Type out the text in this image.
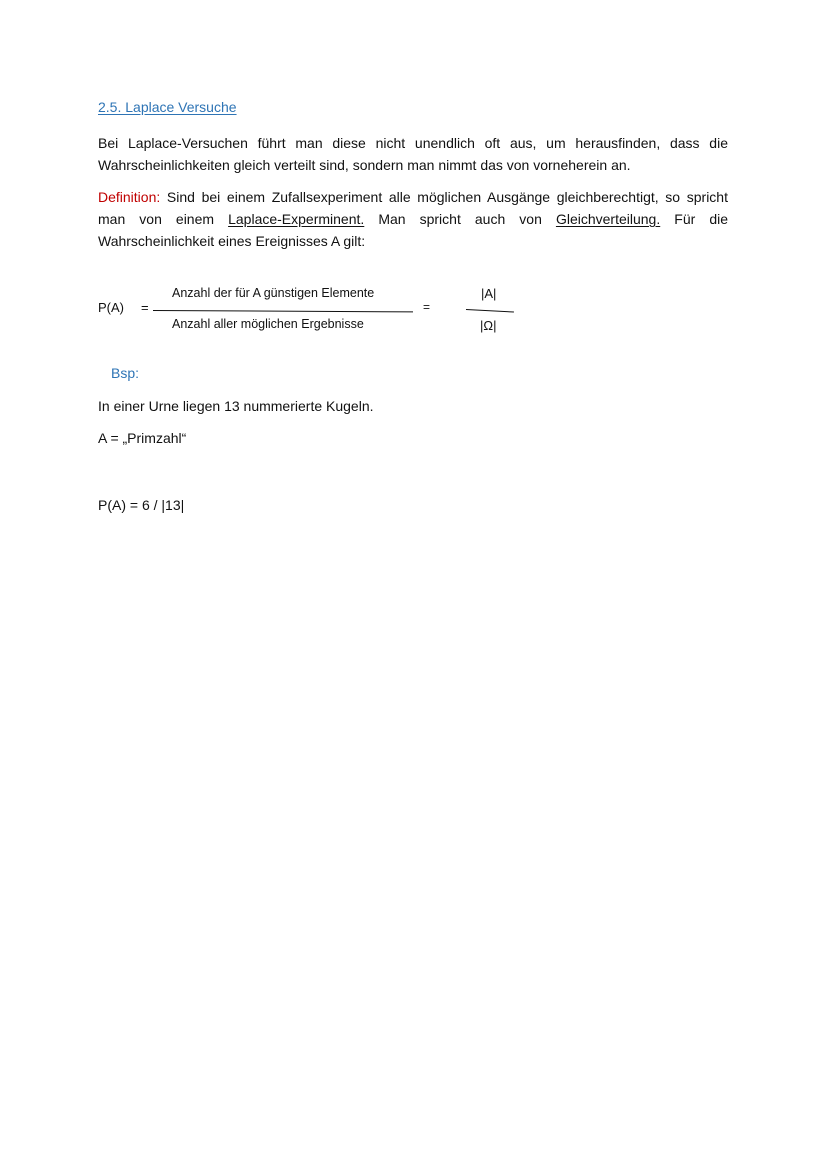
2.5. Laplace Versuche
Bei Laplace-Versuchen führt man diese nicht unendlich oft aus, um herausfinden, dass die Wahrscheinlichkeiten gleich verteilt sind, sondern man nimmt das von vorneherein an.
Definition: Sind bei einem Zufallsexperiment alle möglichen Ausgänge gleichberechtigt, so spricht man von einem Laplace-Experminent. Man spricht auch von Gleichverteilung. Für die Wahrscheinlichkeit eines Ereignisses A gilt:
P(A) =
Anzahl der für A günstigen Elemente
Anzahl aller möglichen Ergebnisse
=
|A|
|Ω|
Bsp:
In einer Urne liegen 13 nummerierte Kugeln.
A = „Primzahl“
P(A) = 6 / |13|
